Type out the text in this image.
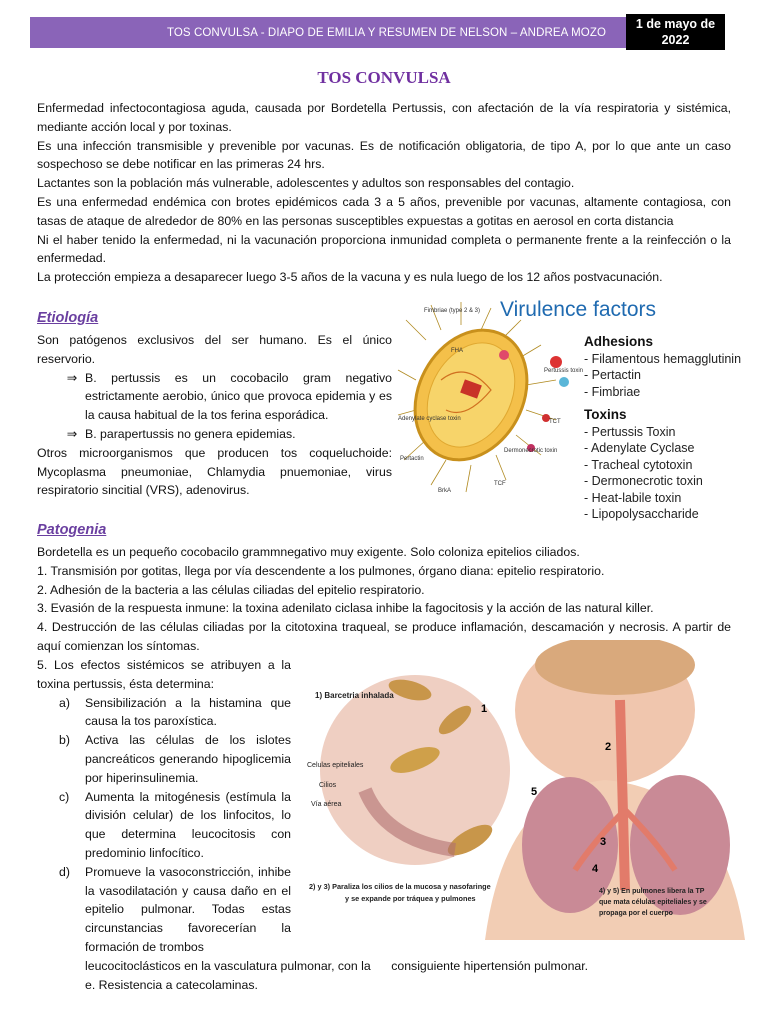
TOS CONVULSA - DIAPO DE EMILIA Y RESUMEN DE NELSON – ANDREA MOZO
1 de mayo de
2022
TOS CONVULSA

Enfermedad infectocontagiosa aguda, causada por Bordetella Pertussis, con afectación de la vía respiratoria y sistémica, mediante acción local y por toxinas.

Es una infección transmisible y prevenible por vacunas. Es de notificación obligatoria, de tipo A, por lo que ante un caso sospechoso se debe notificar en las primeras 24 hrs.

Lactantes son la población más vulnerable, adolescentes y adultos son responsables del contagio.

Es una enfermedad endémica con brotes epidémicos cada 3 a 5 años, prevenible por vacunas, altamente contagiosa, con tasas de ataque de alrededor de 80% en las personas susceptibles expuestas a gotitas en aerosol en corta distancia

Ni el haber tenido la enfermedad, ni la vacunación proporciona inmunidad completa o permanente frente a la reinfección o la enfermedad.

La protección empieza a desaparecer luego 3-5 años de la vacuna y es nula luego de los 12 años postvacunación.

Etiología

Son patógenos exclusivos del ser humano. Es el único reservorio.

⇒ B. pertussis es un cocobacilo gram negativo estrictamente aerobio, único que provoca epidemia y es la causa habitual de la tos ferina esporádica.
⇒ B. parapertussis no genera epidemias.

Otros microorganismos que producen tos coqueluchoide: Mycoplasma pneumoniae, Chlamydia pnuemoniae, virus respiratorio sincitial (VRS), adenovirus.

Fimbriae (type 2 & 3)
FHA
Pertussis toxin
TCT
Adenylate cyclase toxin
Dermonecrotic toxin
Pertactin
BrkA
TCF
Virulence factors
Adhesions
- Filamentous hemagglutinin
- Pertactin
- Fimbriae
Toxins
- Pertussis Toxin
- Adenylate Cyclase
- Tracheal cytotoxin
- Dermonecrotic toxin
- Heat-labile toxin
- Lipopolysaccharide
Patogenia

Bordetella es un pequeño cocobacilo grammnegativo muy exigente. Solo coloniza epitelios ciliados.

1. Transmisión por gotitas, llega por vía descendente a los pulmones, órgano diana: epitelio respiratorio.

2. Adhesión de la bacteria a las células ciliadas del epitelio respiratorio.

3. Evasión de la respuesta inmune: la toxina adenilato ciclasa inhibe la fagocitosis y la acción de las natural killer.

4. Destrucción de las células ciliadas por la citotoxina traqueal, se produce inflamación, descamación y necrosis. A partir de aquí comienzan los síntomas.

5. Los efectos sistémicos se atribuyen a la toxina pertussis, ésta determina:

a)	Sensibilización a la histamina que causa la tos paroxística.
b)	Activa las células de los islotes pancreáticos generando hipoglicemia por hiperinsulinemia.
c)	Aumenta la mitogénesis (estímula la división celular) de los linfocitos, lo que determina leucocitosis con predominio linfocítico.
d)	Promueve la vasoconstricción, inhibe la vasodilatación y causa daño en el epitelio pulmonar. Todas estas circunstancias favorecerían la formación de trombos

leucocitoclásticos en la vasculatura pulmonar, con la      consiguiente hipertensión pulmonar.

e. Resistencia a catecolaminas.

1) Barcetria inhalada
Celulas epiteliales
Cilios
Vía aérea
1
2
3
4
5
2) y 3) Paraliza los cilios de la mucosa y nasofaringe
y se expande por tráquea y pulmones
4) y 5) En pulmones libera la TP
que mata células epiteliales y se
propaga por el cuerpo
